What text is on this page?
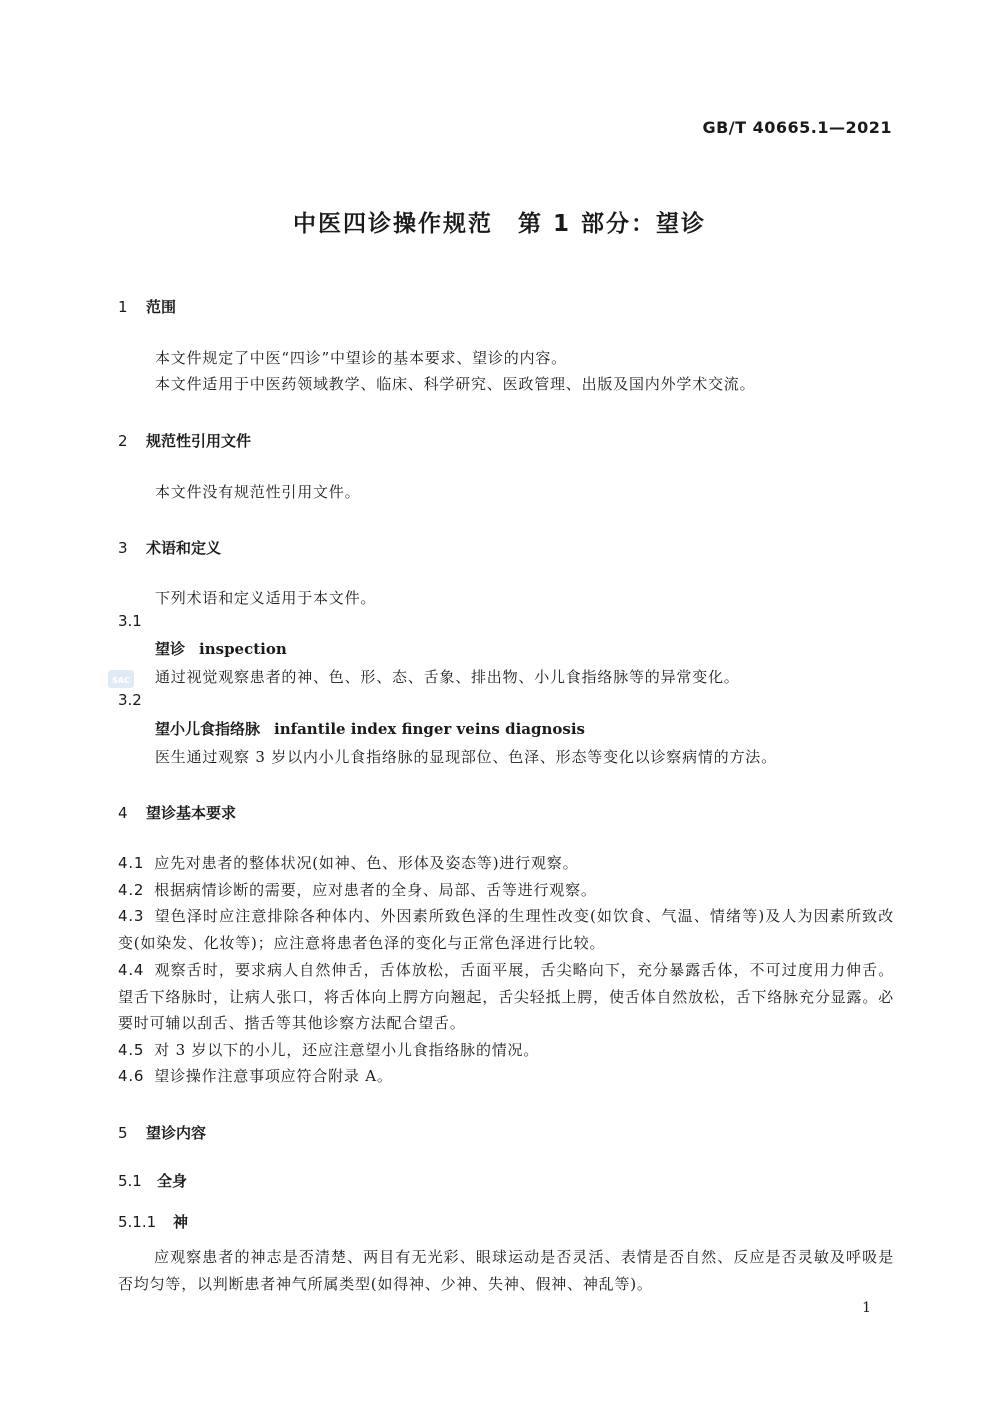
GB/T 40665.1—2021
中医四诊操作规范　第 1 部分：望诊
1 范围
本文件规定了中医“四诊”中望诊的基本要求、望诊的内容。
本文件适用于中医药领域教学、临床、科学研究、医政管理、出版及国内外学术交流。
2 规范性引用文件
本文件没有规范性引用文件。
3 术语和定义
下列术语和定义适用于本文件。
3.1
望诊 inspection
SAC 通过视觉观察患者的神、色、形、态、舌象、排出物、小儿食指络脉等的异常变化。
3.2
望小儿食指络脉 infantile index finger veins diagnosis
医生通过观察 3 岁以内小儿食指络脉的显现部位、色泽、形态等变化以诊察病情的方法。
4 望诊基本要求
4.1 应先对患者的整体状况(如神、色、形体及姿态等)进行观察。
4.2 根据病情诊断的需要，应对患者的全身、局部、舌等进行观察。
4.3 望色泽时应注意排除各种体内、外因素所致色泽的生理性改变(如饮食、气温、情绪等)及人为因素所致改变(如染发、化妆等)；应注意将患者色泽的变化与正常色泽进行比较。
4.4 观察舌时，要求病人自然伸舌，舌体放松，舌面平展，舌尖略向下，充分暴露舌体，不可过度用力伸舌。望舌下络脉时，让病人张口，将舌体向上腭方向翘起，舌尖轻抵上腭，使舌体自然放松，舌下络脉充分显露。必要时可辅以刮舌、揩舌等其他诊察方法配合望舌。
4.5 对 3 岁以下的小儿，还应注意望小儿食指络脉的情况。
4.6 望诊操作注意事项应符合附录 A。
5 望诊内容
5.1 全身
5.1.1 神
应观察患者的神志是否清楚、两目有无光彩、眼球运动是否灵活、表情是否自然、反应是否灵敏及呼吸是否均匀等，以判断患者神气所属类型(如得神、少神、失神、假神、神乱等)。
1
